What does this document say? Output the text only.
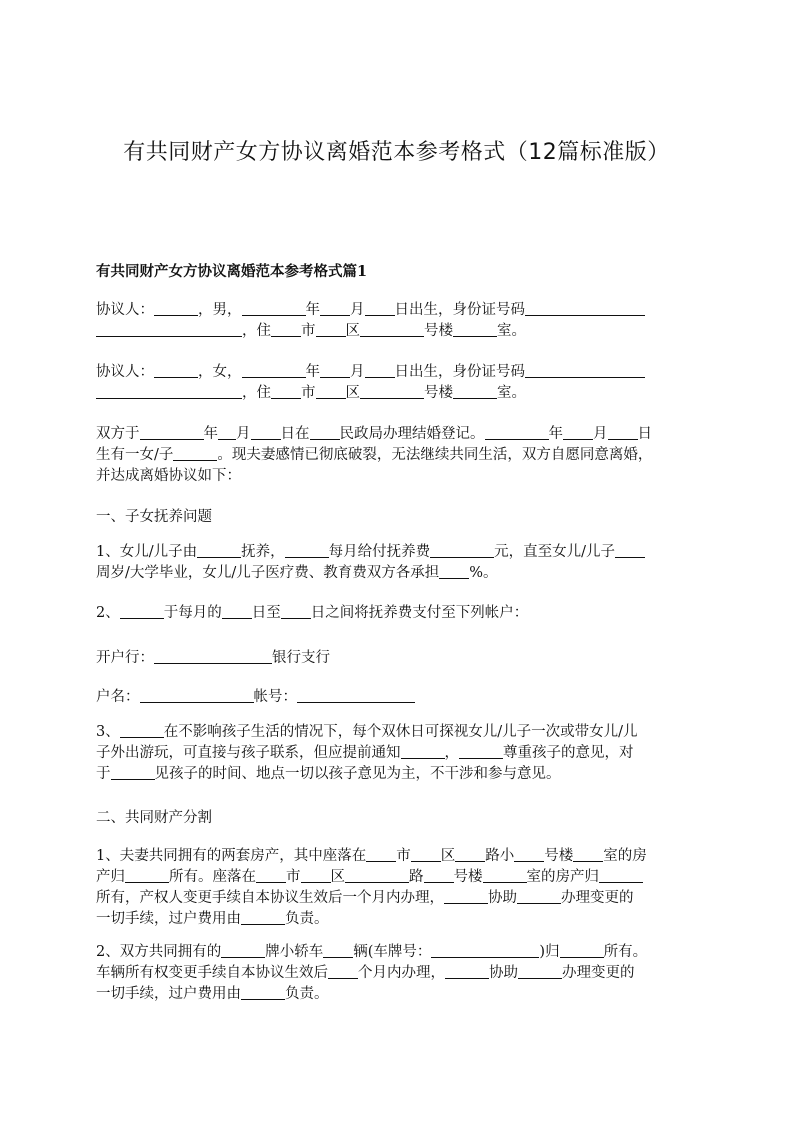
有共同财产女方协议离婚范本参考格式（12篇标准版）
有共同财产女方协议离婚范本参考格式篇1
协议人：	，男，	年 月 日出生，身份证号码
，住 市 区	号楼	室。
协议人：	，女，	年 月 日出生，身份证号码
，住 市 区	号楼	室。
双方于	年 月 日在 民政局办理结婚登记。	年 月 日
生有一女/子	。现夫妻感情已彻底破裂，无法继续共同生活，双方自愿同意离婚，
并达成离婚协议如下：
一、子女抚养问题
1、女儿/儿子由	抚养，	每月给付抚养费	元，直至女儿/儿子
周岁/大学毕业，女儿/儿子医疗费、教育费双方各承担 %。
2、	于每月的 日至 日之间将抚养费支付至下列帐户：
开户行：	银行支行
户名：	帐号：
3、	在不影响孩子生活的情况下，每个双休日可探视女儿/儿子一次或带女儿/儿
子外出游玩，可直接与孩子联系，但应提前通知	，	尊重孩子的意见，对
于	见孩子的时间、地点一切以孩子意见为主，不干涉和参与意见。
二、共同财产分割
1、夫妻共同拥有的两套房产，其中座落在 市 区 路小 号楼 室的房
产归	所有。座落在 市 区	路 号楼	室的房产归
所有，产权人变更手续自本协议生效后一个月内办理，	协助	办理变更的
一切手续，过户费用由	负责。
2、双方共同拥有的	牌小轿车 辆(车牌号：	)归	所有。
车辆所有权变更手续自本协议生效后 个月内办理，	协助	办理变更的
一切手续，过户费用由	负责。
